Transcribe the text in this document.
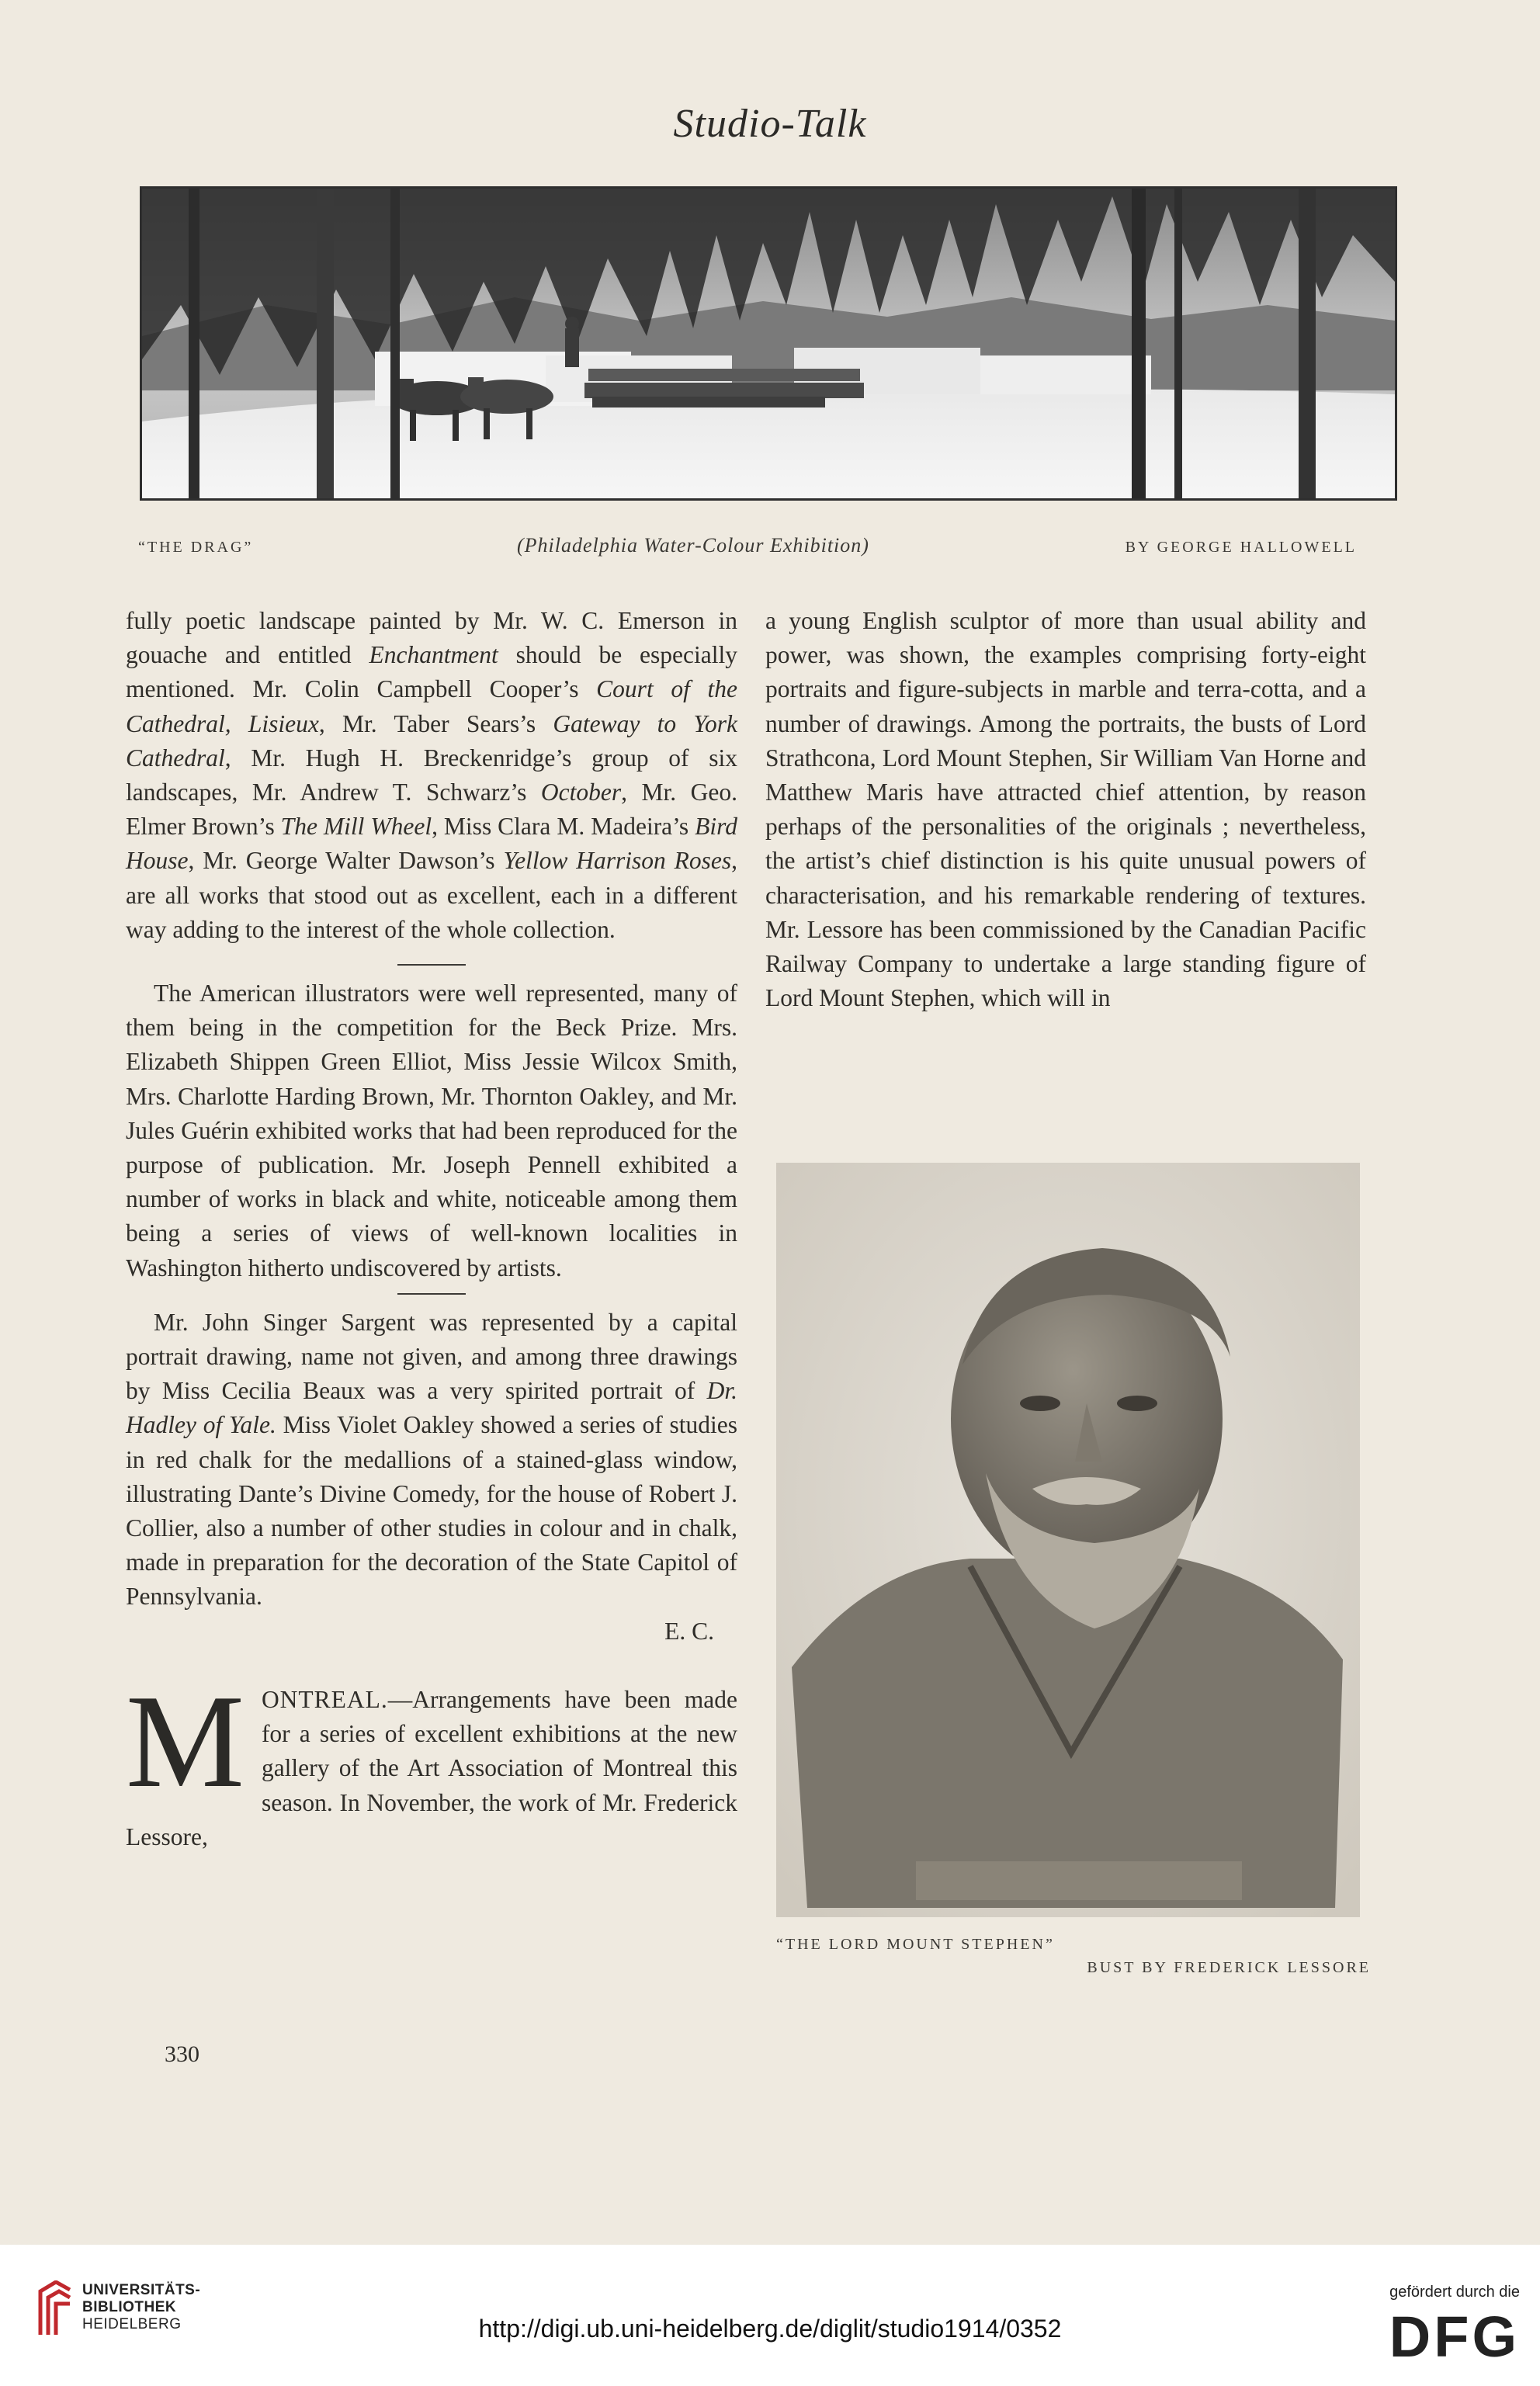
Studio-Talk
“THE DRAG”	(Philadelphia Water-Colour Exhibition)	BY GEORGE HALLOWELL

fully poetic landscape painted by Mr. W. C. Emerson in gouache and entitled Enchantment should be especially mentioned. Mr. Colin Campbell Cooper’s Court of the Cathedral, Lisieux, Mr. Taber Sears’s Gateway to York Cathedral, Mr. Hugh H. Breckenridge’s group of six landscapes, Mr. Andrew T. Schwarz’s October, Mr. Geo. Elmer Brown’s The Mill Wheel, Miss Clara M. Madeira’s Bird House, Mr. George Walter Dawson’s Yellow Harrison Roses, are all works that stood out as excellent, each in a different way adding to the interest of the whole collection.

The American illustrators were well represented, many of them being in the competition for the Beck Prize. Mrs. Elizabeth Shippen Green Elliot, Miss Jessie Wilcox Smith, Mrs. Charlotte Harding Brown, Mr. Thornton Oakley, and Mr. Jules Guérin exhibited works that had been reproduced for the purpose of publication. Mr. Joseph Pennell exhibited a number of works in black and white, noticeable among them being a series of views of well-known localities in Washington hitherto undiscovered by artists.

Mr. John Singer Sargent was represented by a capital portrait drawing, name not given, and among three drawings by Miss Cecilia Beaux was a very spirited portrait of Dr. Hadley of Yale. Miss Violet Oakley showed a series of studies in red chalk for the medallions of a stained-glass window, illustrating Dante’s Divine Comedy, for the house of Robert J. Collier, also a number of other studies in colour and in chalk, made in preparation for the decoration of the State Capitol of Pennsylvania.

E. C.

MONTREAL.—Arrangements have been made for a series of excellent exhibitions at the new gallery of the Art Association of Montreal this season. In November, the work of Mr. Frederick Lessore,

330

a young English sculptor of more than usual ability and power, was shown, the examples comprising forty-eight portraits and figure-subjects in marble and terra-cotta, and a number of drawings. Among the portraits, the busts of Lord Strathcona, Lord Mount Stephen, Sir William Van Horne and Matthew Maris have attracted chief attention, by reason perhaps of the personalities of the originals ; nevertheless, the artist’s chief distinction is his quite unusual powers of characterisation, and his remarkable rendering of textures. Mr. Lessore has been commissioned by the Canadian Pacific Railway Company to undertake a large standing figure of Lord Mount Stephen, which will in

“THE LORD MOUNT STEPHEN”
BUST BY FREDERICK LESSORE
UNIVERSITÄTS-
BIBLIOTHEK
HEIDELBERG	http://digi.ub.uni-heidelberg.de/diglit/studio1914/0352
gefördert durch die
DFG
